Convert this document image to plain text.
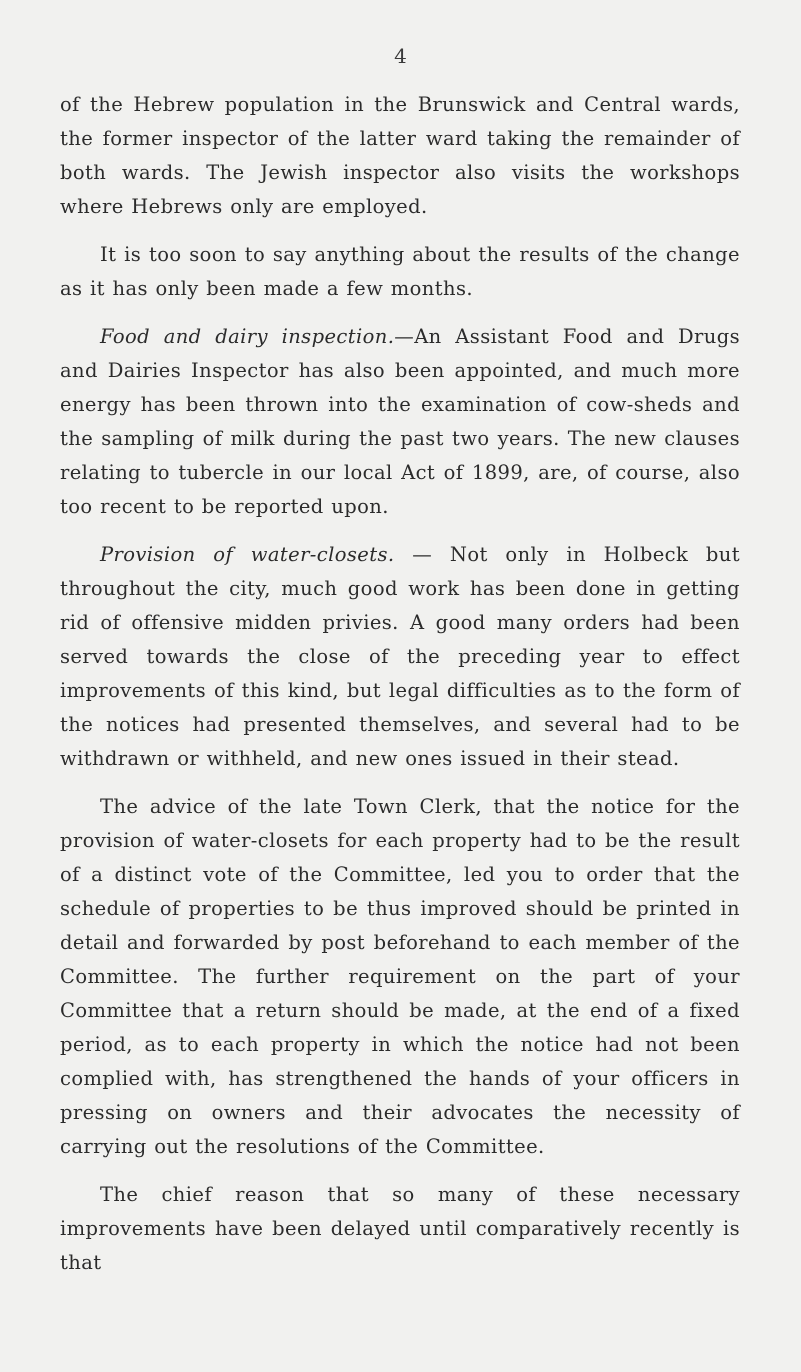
4

of the Hebrew population in the Brunswick and Central wards, the former inspector of the latter ward taking the remainder of both wards. The Jewish inspector also visits the workshops where Hebrews only are employed.

It is too soon to say anything about the results of the change as it has only been made a few months.

Food and dairy inspection.—An Assistant Food and Drugs and Dairies Inspector has also been appointed, and much more energy has been thrown into the examination of cow-sheds and the sampling of milk during the past two years. The new clauses relating to tubercle in our local Act of 1899, are, of course, also too recent to be reported upon.

Provision of water-closets. — Not only in Holbeck but throughout the city, much good work has been done in getting rid of offensive midden privies. A good many orders had been served towards the close of the preceding year to effect improvements of this kind, but legal difficulties as to the form of the notices had presented themselves, and several had to be withdrawn or withheld, and new ones issued in their stead.

The advice of the late Town Clerk, that the notice for the provision of water-closets for each property had to be the result of a distinct vote of the Committee, led you to order that the schedule of properties to be thus improved should be printed in detail and forwarded by post beforehand to each member of the Committee. The further requirement on the part of your Committee that a return should be made, at the end of a fixed period, as to each property in which the notice had not been complied with, has strengthened the hands of your officers in pressing on owners and their advocates the necessity of carrying out the resolutions of the Committee.

The chief reason that so many of these necessary improvements have been delayed until comparatively recently is that
